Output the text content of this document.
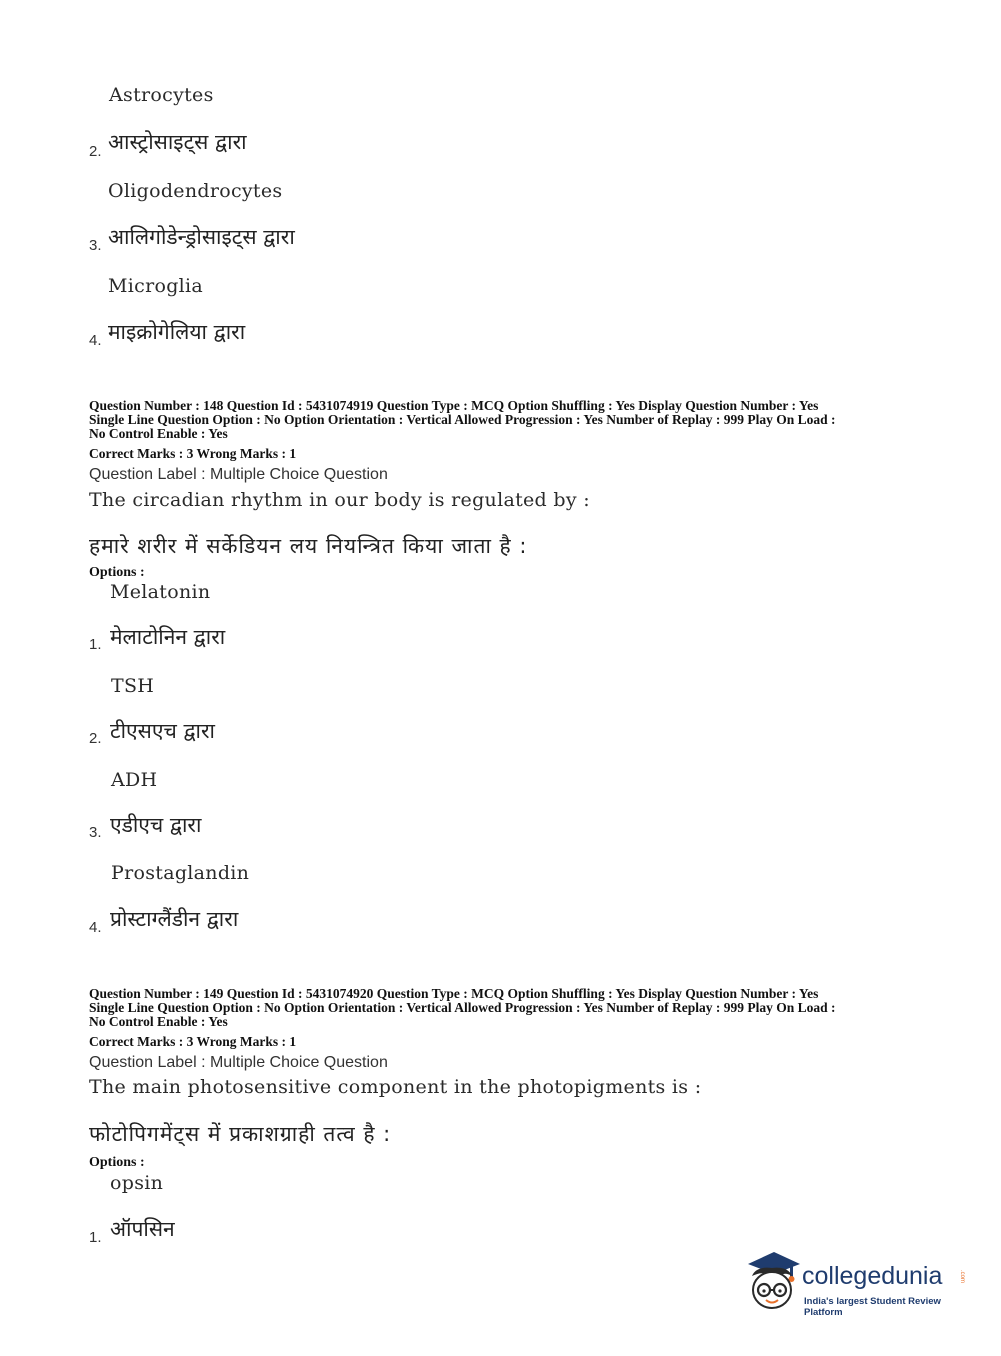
Astrocytes
2. आस्ट्रोसाइट्स द्वारा
Oligodendrocytes
3. आलिगोडेन्ड्रोसाइट्स द्वारा
Microglia
4. माइक्रोगेलिया द्वारा
Question Number : 148 Question Id : 5431074919 Question Type : MCQ Option Shuffling : Yes Display Question Number : Yes
Single Line Question Option : No Option Orientation : Vertical Allowed Progression : Yes Number of Replay : 999 Play On Load :
No Control Enable : Yes
Correct Marks : 3 Wrong Marks : 1
Question Label : Multiple Choice Question
The circadian rhythm in our body is regulated by :
हमारे शरीर में सर्केडियन लय नियन्त्रित किया जाता है :
Options :
Melatonin
1. मेलाटोनिन द्वारा
TSH
2. टीएसएच द्वारा
ADH
3. एडीएच द्वारा
Prostaglandin
4. प्रोस्टाग्लैंडीन द्वारा
Question Number : 149 Question Id : 5431074920 Question Type : MCQ Option Shuffling : Yes Display Question Number : Yes
Single Line Question Option : No Option Orientation : Vertical Allowed Progression : Yes Number of Replay : 999 Play On Load :
No Control Enable : Yes
Correct Marks : 3 Wrong Marks : 1
Question Label : Multiple Choice Question
The main photosensitive component in the photopigments is :
फोटोपिगमेंट्स में प्रकाशग्राही तत्व है :
Options :
opsin
1. ऑपसिन
collegedunia	.com
India's largest Student Review Platform
